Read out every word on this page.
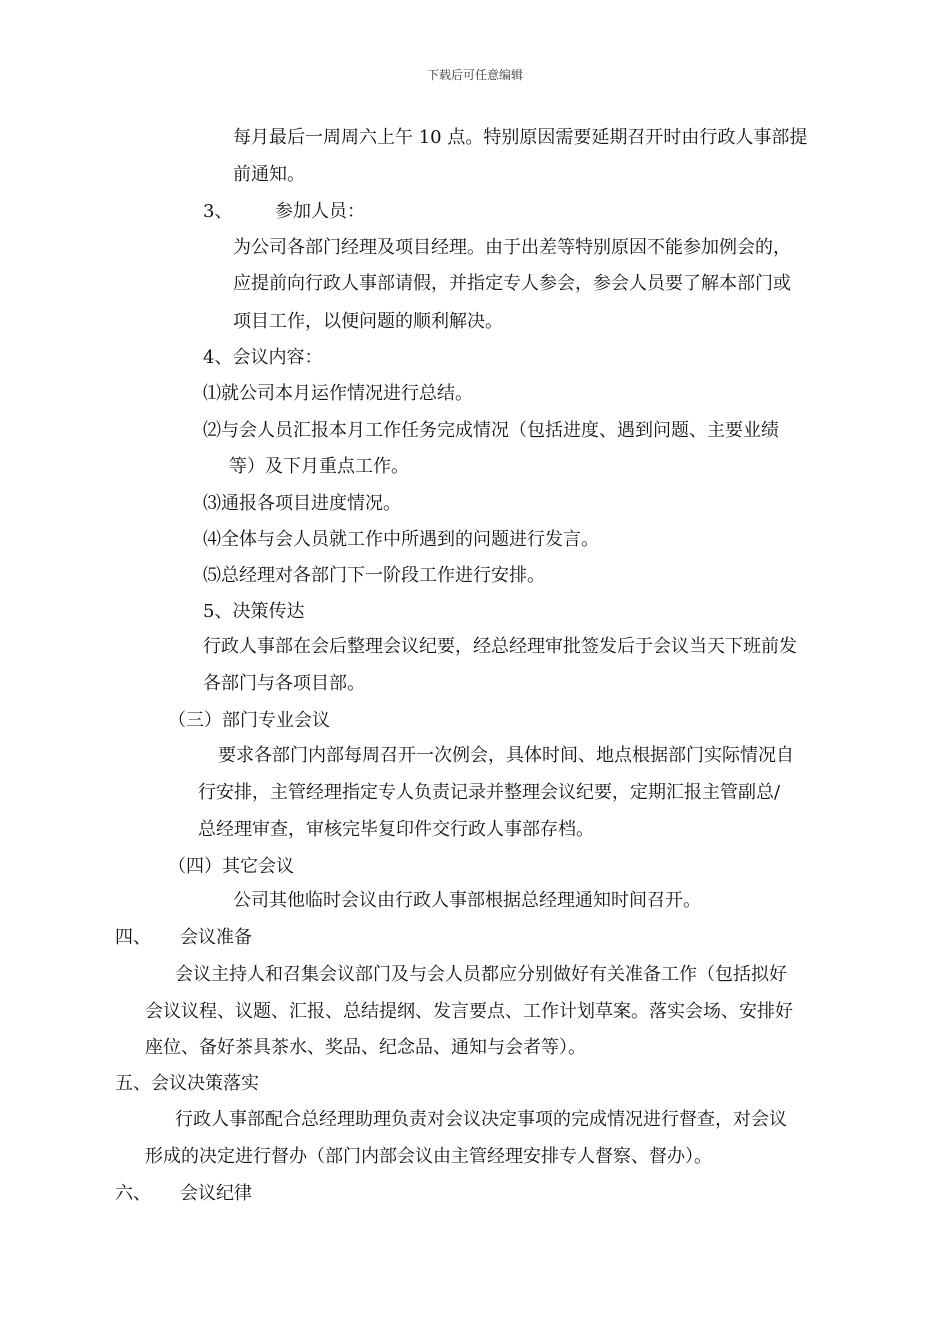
下载后可任意编辑
每月最后一周周六上午 10 点。特别原因需要延期召开时由行政人事部提
前通知。
3、 参加人员：
为公司各部门经理及项目经理。由于出差等特别原因不能参加例会的，
应提前向行政人事部请假，并指定专人参会，参会人员要了解本部门或
项目工作，以便问题的顺利解决。
4、会议内容：
⑴就公司本月运作情况进行总结。
⑵与会人员汇报本月工作任务完成情况（包括进度、遇到问题、主要业绩
等）及下月重点工作。
⑶通报各项目进度情况。
⑷全体与会人员就工作中所遇到的问题进行发言。
⑸总经理对各部门下一阶段工作进行安排。
5、决策传达
行政人事部在会后整理会议纪要，经总经理审批签发后于会议当天下班前发
各部门与各项目部。
（三）部门专业会议
要求各部门内部每周召开一次例会，具体时间、地点根据部门实际情况自
行安排，主管经理指定专人负责记录并整理会议纪要，定期汇报主管副总/
总经理审查，审核完毕复印件交行政人事部存档。
（四）其它会议
公司其他临时会议由行政人事部根据总经理通知时间召开。
四、 会议准备
会议主持人和召集会议部门及与会人员都应分别做好有关准备工作（包括拟好
会议议程、议题、汇报、总结提纲、发言要点、工作计划草案。落实会场、安排好
座位、备好茶具茶水、奖品、纪念品、通知与会者等）。
五、会议决策落实
行政人事部配合总经理助理负责对会议决定事项的完成情况进行督查，对会议
形成的决定进行督办（部门内部会议由主管经理安排专人督察、督办）。
六、 会议纪律
